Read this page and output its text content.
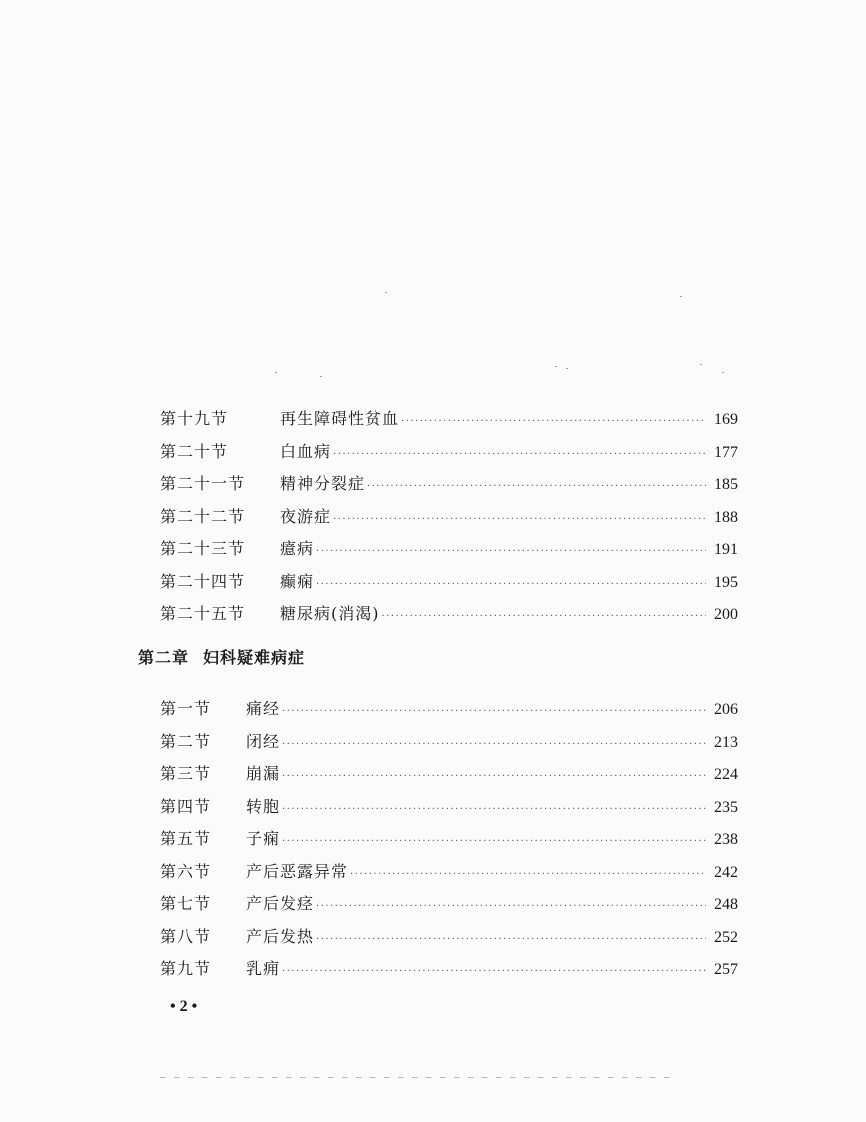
第十九节	再生障碍性贫血 ·····	169
第二十节	白血病 ·····	177
第二十一节	精神分裂症 ·····	185
第二十二节	夜游症 ·····	188
第二十三节	癔病 ·····	191
第二十四节	癫痫 ·····	195
第二十五节	糖尿病(消渴) ·····	200
第二章 妇科疑难病症
第一节	痛经 ·····	206
第二节	闭经 ·····	213
第三节	崩漏 ·····	224
第四节	转胞 ·····	235
第五节	子痫 ·····	238
第六节	产后恶露异常 ·····	242
第七节	产后发痉 ·····	248
第八节	产后发热 ·····	252
第九节	乳痈 ·····	257
• 2 •
